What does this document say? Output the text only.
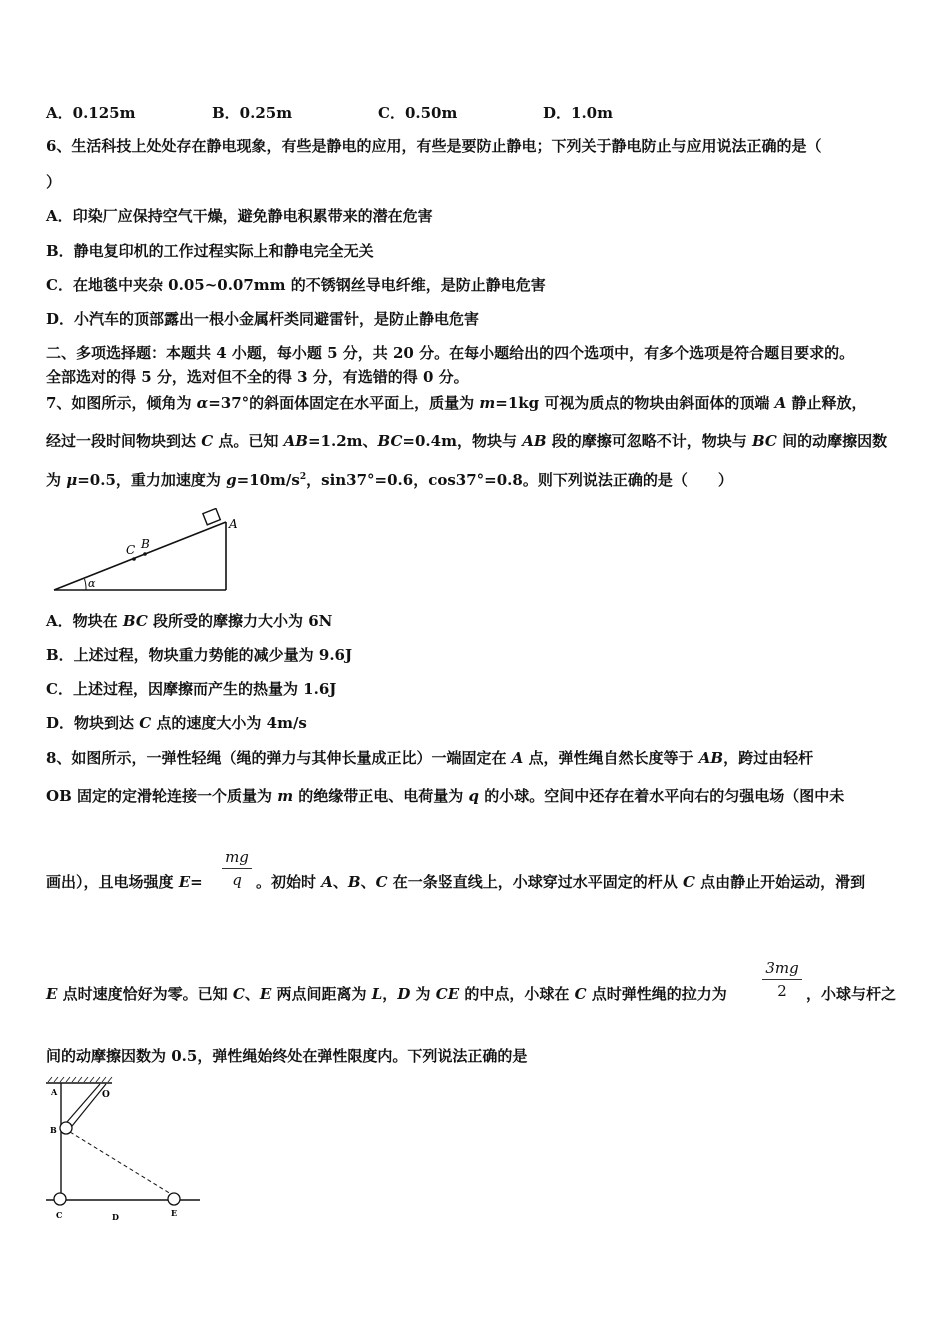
A．0.125m	B．0.25m	C．0.50m	D．1.0m
6、生活科技上处处存在静电现象，有些是静电的应用，有些是要防止静电；下列关于静电防止与应用说法正确的是（
）
A．印染厂应保持空气干燥，避免静电积累带来的潜在危害
B．静电复印机的工作过程实际上和静电完全无关
C．在地毯中夹杂 0.05~0.07mm 的不锈钢丝导电纤维，是防止静电危害
D．小汽车的顶部露出一根小金属杆类同避雷针，是防止静电危害
二、多项选择题：本题共 4 小题，每小题 5 分，共 20 分。在每小题给出的四个选项中，有多个选项是符合题目要求的。
全部选对的得 5 分，选对但不全的得 3 分，有选错的得 0 分。
7、如图所示，倾角为 α=37°的斜面体固定在水平面上，质量为 m=1kg 可视为质点的物块由斜面体的顶端 A 静止释放，
经过一段时间物块到达 C 点。已知 AB=1.2m、BC=0.4m，物块与 AB 段的摩擦可忽略不计，物块与 BC 间的动摩擦因数
为 μ=0.5，重力加速度为 $g=10m/s^2$，sin37°=0.6，cos37°=0.8。则下列说法正确的是（　　）
A
B
C
α
A．物块在 BC 段所受的摩擦力大小为 6N
B．上述过程，物块重力势能的减少量为 9.6J
C．上述过程，因摩擦而产生的热量为 1.6J
D．物块到达 C 点的速度大小为 4m/s
8、如图所示，一弹性轻绳（绳的弹力与其伸长量成正比）一端固定在 A 点，弹性绳自然长度等于 AB，跨过由轻杆
OB 固定的定滑轮连接一个质量为 m 的绝缘带正电、电荷量为 q 的小球。空间中还存在着水平向右的匀强电场（图中未
画出），且电场强度 E=
mg
q 。初始时 A、B、C 在一条竖直线上，小球穿过水平固定的杆从 C 点由静止开始运动，滑到
E 点时速度恰好为零。已知 C、E 两点间距离为 L，D 为 CE 的中点，小球在 C 点时弹性绳的拉力为
3mg
2	，小球与杆之
间的动摩擦因数为 0.5，弹性绳始终处在弹性限度内。下列说法正确的是
A	O
B
C	D	E
